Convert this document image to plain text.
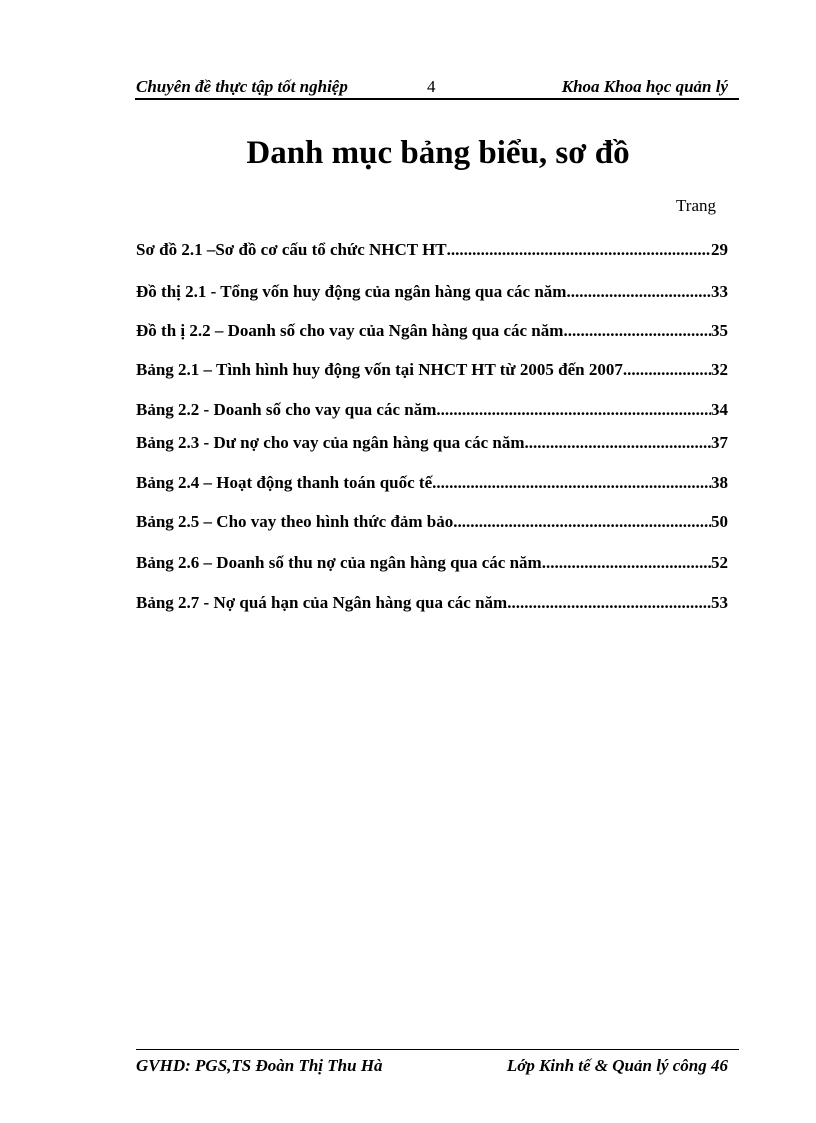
Chuyên đề thực tập tốt nghiệp	4	Khoa Khoa học quản lý
Danh mục bảng biểu, sơ đồ
Trang
Sơ đồ 2.1 –Sơ đồ cơ cấu tổ chức NHCT HT .....	29
Đồ thị 2.1 - Tổng vốn huy động của ngân hàng qua các năm .....	33
Đồ th ị 2.2 – Doanh số cho vay của Ngân hàng qua các năm .....	35
Bảng 2.1 – Tình hình huy động vốn tại NHCT HT từ 2005 đến 2007 .....	32
Bảng 2.2 - Doanh số cho vay qua các năm .....	34
Bảng 2.3 - Dư nợ cho vay của ngân hàng qua các năm .....	37
Bảng 2.4 – Hoạt động thanh toán quốc tế .....	38
Bảng 2.5 – Cho vay theo hình thức đảm bảo .....	50
Bảng 2.6 – Doanh số thu nợ của ngân hàng qua các năm .....	52
Bảng 2.7 - Nợ quá hạn của Ngân hàng qua các năm .....	53
GVHD: PGS,TS Đoàn Thị Thu Hà	Lớp Kinh tế & Quản lý công 46
